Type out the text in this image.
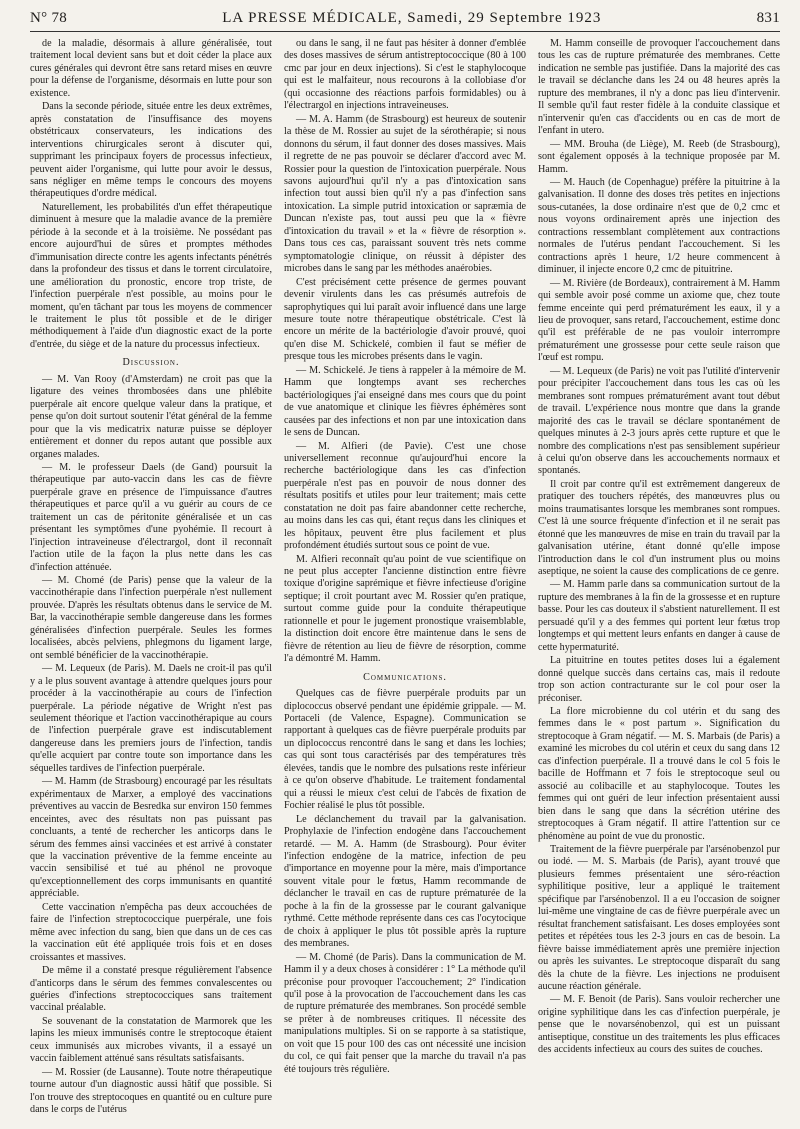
N° 78	LA PRESSE MÉDICALE, Samedi, 29 Septembre 1923	831

de la maladie, désormais à allure généralisée, tout traitement local devient sans but et doit céder la place aux cures générales qui devront être sans retard mises en œuvre pour la défense de l'organisme, désormais en lutte pour son existence.

Dans la seconde période, située entre les deux extrêmes, après constatation de l'insuffisance des moyens obstétricaux conservateurs, les indications des interventions chirurgicales seront à discuter qui, supprimant les principaux foyers de processus infectieux, peuvent aider l'organisme, qui lutte pour avoir le dessus, sans négliger en même temps le concours des moyens thérapeutiques d'ordre médical.

Naturellement, les probabilités d'un effet thérapeutique diminuent à mesure que la maladie avance de la première période à la seconde et à la troisième. Ne possédant pas encore aujourd'hui de sûres et promptes méthodes d'immunisation directe contre les agents infectants pénétrés dans la profondeur des tissus et dans le torrent circulatoire, une amélioration du pronostic, encore trop triste, de l'infection puerpérale n'est possible, au moins pour le moment, qu'en tâchant par tous les moyens de commencer le traitement le plus tôt possible et de le diriger méthodiquement à l'aide d'un diagnostic exact de la porte d'entrée, du siège et de la nature du processus infectieux.

Discussion.

— M. Van Rooy (d'Amsterdam) ne croit pas que la ligature des veines thrombosées dans une phlébite puerpérale ait encore quelque valeur dans la pratique, et pense qu'on doit surtout soutenir l'état général de la femme pour que la vis medicatrix naturæ puisse se déployer entièrement et donner du repos autant que possible aux organes malades.

— M. le professeur Daels (de Gand) poursuit la thérapeutique par auto-vaccin dans les cas de fièvre puerpérale grave en présence de l'impuissance d'autres thérapeutiques et parce qu'il a vu guérir au cours de ce traitement un cas de péritonite généralisée et un cas présentant les symptômes d'une pyohémie. Il recourt à l'injection intraveineuse d'électrargol, dont il reconnaît l'action utile de la façon la plus nette dans les cas d'infection atténuée.

— M. Chomé (de Paris) pense que la valeur de la vaccinothérapie dans l'infection puerpérale n'est nullement prouvée. D'après les résultats obtenus dans le service de M. Bar, la vaccinothérapie semble dangereuse dans les formes généralisées d'infection puerpérale. Seules les formes localisées, abcès pelviens, phlegmons du ligament large, ont semblé bénéficier de la vaccinothérapie.

— M. Lequeux (de Paris). M. Daels ne croit-il pas qu'il y a le plus souvent avantage à attendre quelques jours pour procéder à la vaccinothérapie au cours de l'infection puerpérale. La période négative de Wright n'est pas seulement théorique et l'action vaccinothérapique au cours de l'infection puerpérale grave est indiscutablement dangereuse dans les premiers jours de l'infection, tandis qu'elle acquiert par contre toute son importance dans les séquelles tardives de l'infection puerpérale.

— M. Hamm (de Strasbourg) encouragé par les résultats expérimentaux de Marxer, a employé des vaccinations préventives au vaccin de Besredka sur environ 150 femmes enceintes, avec des résultats non pas puissant pas concluants, a tenté de rechercher les anticorps dans le sérum des femmes ainsi vaccinées et est arrivé à constater que la vaccination préventive de la femme enceinte au vaccin sensibilisé et tué au phénol ne provoque qu'exceptionnellement des corps immunisants en quantité appréciable.

Cette vaccination n'empêcha pas deux accouchées de faire de l'infection streptococcique puerpérale, une fois même avec infection du sang, bien que dans un de ces cas la vaccination eût été appliquée trois fois et en doses croissantes et massives.

De même il a constaté presque régulièrement l'absence d'anticorps dans le sérum des femmes convalescentes ou guéries d'infections streptococciques sans traitement vaccinal préalable.

Se souvenant de la constatation de Marmorek que les lapins les mieux immunisés contre le streptocoque étaient ceux immunisés aux microbes vivants, il a essayé un vaccin faiblement atténué sans résultats satisfaisants.

— M. Rossier (de Lausanne). Toute notre thérapeutique tourne autour d'un diagnostic aussi hâtif que possible. Si l'on trouve des streptocoques en quantité ou en culture pure dans le corps de l'utérus

ou dans le sang, il ne faut pas hésiter à donner d'emblée des doses massives de sérum antistreptococcique (80 à 100 cmc par jour en deux injections). Si c'est le staphylocoque qui est le malfaiteur, nous recourons à la collobiase d'or (qui occasionne des réactions parfois formidables) ou à l'électrargol en injections intraveineuses.

— M. A. Hamm (de Strasbourg) est heureux de soutenir la thèse de M. Rossier au sujet de la sérothérapie; si nous donnons du sérum, il faut donner des doses massives. Mais il regrette de ne pas pouvoir se déclarer d'accord avec M. Rossier pour la question de l'intoxication puerpérale. Nous savons aujourd'hui qu'il n'y a pas d'intoxication sans infection tout aussi bien qu'il n'y a pas d'infection sans intoxication. La simple putrid intoxication or sapræmia de Duncan n'existe pas, tout aussi peu que la « fièvre d'intoxication du travail » et la « fièvre de résorption ». Dans tous ces cas, paraissant souvent très nets comme symptomatologie clinique, on réussit à dépister des microbes dans le sang par les méthodes anaérobies.

C'est précisément cette présence de germes pouvant devenir virulents dans les cas présumés autrefois de saprophytiques qui lui paraît avoir influencé dans une large mesure toute notre thérapeutique obstétricale. C'est là encore un mérite de la bactériologie d'avoir prouvé, quoi qu'en dise M. Schickelé, combien il faut se méfier de presque tous les microbes présents dans le vagin.

— M. Schickelé. Je tiens à rappeler à la mémoire de M. Hamm que longtemps avant ses recherches bactériologiques j'ai enseigné dans mes cours que du point de vue anatomique et clinique les fièvres éphémères sont causées par des infections et non par une intoxication dans le sens de Duncan.

— M. Alfieri (de Pavie). C'est une chose universellement reconnue qu'aujourd'hui encore la recherche bactériologique dans les cas d'infection puerpérale n'est pas en pouvoir de nous donner des résultats positifs et utiles pour leur traitement; mais cette constatation ne doit pas faire abandonner cette recherche, au moins dans les cas qui, étant reçus dans les cliniques et les hôpitaux, peuvent être plus facilement et plus profondément étudiés surtout sous ce point de vue.

M. Alfieri reconnaît qu'au point de vue scientifique on ne peut plus accepter l'ancienne distinction entre fièvre toxique d'origine saprémique et fièvre infectieuse d'origine septique; il croit pourtant avec M. Rossier qu'en pratique, surtout comme guide pour la conduite thérapeutique rationnelle et pour le jugement pronostique vraisemblable, la distinction doit encore être maintenue dans le sens de fièvre de rétention au lieu de fièvre de résorption, comme l'a démontré M. Hamm.

Communications.

Quelques cas de fièvre puerpérale produits par un diplococcus observé pendant une épidémie grippale. — M. Portaceli (de Valence, Espagne). Communication se rapportant à quelques cas de fièvre puerpérale produits par un diplococcus rencontré dans le sang et dans les lochies; cas qui sont tous caractérisés par des températures très élevées, tandis que le nombre des pulsations reste inférieur à ce qu'on observe d'habitude. Le traitement fondamental qui a réussi le mieux c'est celui de l'abcès de fixation de Fochier réalisé le plus tôt possible.

Le déclanchement du travail par la galvanisation. Prophylaxie de l'infection endogène dans l'accouchement retardé. — M. A. Hamm (de Strasbourg). Pour éviter l'infection endogène de la matrice, infection de peu d'importance en moyenne pour la mère, mais d'importance souvent vitale pour le fœtus, Hamm recommande de déclancher le travail en cas de rupture prématurée de la poche à la fin de la grossesse par le courant galvanique rythmé. Cette méthode représente dans ces cas l'ocytocique de choix à appliquer le plus tôt possible après la rupture des membranes.

— M. Chomé (de Paris). Dans la communication de M. Hamm il y a deux choses à considérer : 1° La méthode qu'il préconise pour provoquer l'accouchement; 2° l'indication qu'il pose à la provocation de l'accouchement dans les cas de rupture prématurée des membranes. Son procédé semble se prêter à de nombreuses critiques. Il nécessite des manipulations multiples. Si on se rapporte à sa statistique, on voit que 15 pour 100 des cas ont nécessité une incision du col, ce qui fait penser que la marche du travail n'a pas été toujours très régulière.

M. Hamm conseille de provoquer l'accouchement dans tous les cas de rupture prématurée des membranes. Cette indication ne semble pas justifiée. Dans la majorité des cas le travail se déclanche dans les 24 ou 48 heures après la rupture des membranes, il n'y a donc pas lieu d'intervenir. Il semble qu'il faut rester fidèle à la conduite classique et n'intervenir qu'en cas d'accidents ou en cas de mort de l'enfant in utero.

— MM. Brouha (de Liège), M. Reeb (de Strasbourg), sont également opposés à la technique proposée par M. Hamm.

— M. Hauch (de Copenhague) préfère la pituitrine à la galvanisation. Il donne des doses très petites en injections sous-cutanées, la dose ordinaire n'est que de 0,2 cmc et nous voyons ordinairement après une injection des contractions ressemblant complètement aux contractions normales de l'utérus pendant l'accouchement. Si les contractions après 1 heure, 1/2 heure commencent à diminuer, il injecte encore 0,2 cmc de pituitrine.

— M. Rivière (de Bordeaux), contrairement à M. Hamm qui semble avoir posé comme un axiome que, chez toute femme enceinte qui perd prématurément les eaux, il y a lieu de provoquer, sans retard, l'accouchement, estime donc qu'il est préférable de ne pas vouloir interrompre prématurément une grossesse pour cette seule raison que l'œuf est rompu.

— M. Lequeux (de Paris) ne voit pas l'utilité d'intervenir pour précipiter l'accouchement dans tous les cas où les membranes sont rompues prématurément avant tout début de travail. L'expérience nous montre que dans la grande majorité des cas le travail se déclare spontanément de quelques minutes à 2-3 jours après cette rupture et que le nombre des complications n'est pas sensiblement supérieur à celui qu'on observe dans les accouchements normaux et spontanés.

Il croit par contre qu'il est extrêmement dangereux de pratiquer des touchers répétés, des manœuvres plus ou moins traumatisantes lorsque les membranes sont rompues. C'est là une source fréquente d'infection et il ne serait pas étonné que les manœuvres de mise en train du travail par la galvanisation utérine, étant donné qu'elle impose l'introduction dans le col d'un instrument plus ou moins aseptique, ne soient la cause des complications de ce genre.

— M. Hamm parle dans sa communication surtout de la rupture des membranes à la fin de la grossesse et en rupture basse. Pour les cas douteux il s'abstient naturellement. Il est persuadé qu'il y a des femmes qui portent leur fœtus trop longtemps et qui mettent leurs enfants en danger à cause de cette hypermaturité.

La pituitrine en toutes petites doses lui a également donné quelque succès dans certains cas, mais il redoute trop son action contracturante sur le col pour oser la préconiser.

La flore microbienne du col utérin et du sang des femmes dans le « post partum ». Signification du streptocoque à Gram négatif. — M. S. Marbais (de Paris) a examiné les microbes du col utérin et ceux du sang dans 12 cas d'infection puerpérale. Il a trouvé dans le col 5 fois le bacille de Hoffmann et 7 fois le streptocoque seul ou associé au colibacille et au staphylocoque. Toutes les femmes qui ont guéri de leur infection présentaient aussi bien dans le sang que dans la sécrétion utérine des streptocoques à Gram négatif. Il attire l'attention sur ce phénomène au point de vue du pronostic.

Traitement de la fièvre puerpérale par l'arsénobenzol pur ou iodé. — M. S. Marbais (de Paris), ayant trouvé que plusieurs femmes présentaient une séro-réaction syphilitique positive, leur a appliqué le traitement spécifique par l'arsénobenzol. Il a eu l'occasion de soigner lui-même une vingtaine de cas de fièvre puerpérale avec un résultat franchement satisfaisant. Les doses employées sont petites et répétées tous les 2-3 jours en cas de besoin. La fièvre baisse immédiatement après une première injection ou après les suivantes. Le streptocoque disparaît du sang dès la chute de la fièvre. Les injections ne produisent aucune réaction générale.

— M. F. Benoit (de Paris). Sans vouloir rechercher une origine syphilitique dans les cas d'infection puerpérale, je pense que le novarsénobenzol, qui est un puissant antiseptique, constitue un des traitements les plus efficaces des accidents infectieux au cours des suites de couches.
